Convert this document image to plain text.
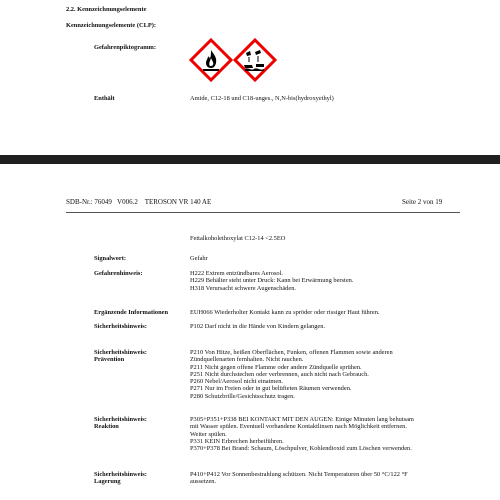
2.2. Kennzeichnungselemente
Kennzeichnungselemente (CLP):
Gefahrenpiktogramm:
Enthält	Amide, C12-18 und C18-unges., N,N-bis(hydroxyethyl)
SDB-Nr.: 76049   V006.2    TEROSON VR 140 AE	Seite 2 von 19
Fettalkoholethoxylat C12-14 <2.5EO
Signalwort:	Gefahr
Gefahrenhinweis:	H222 Extrem entzündbares Aerosol.
H229 Behälter steht unter Druck: Kann bei Erwärmung bersten.
H318 Verursacht schwere Augenschäden.
Ergänzende Informationen	EUH066 Wiederholter Kontakt kann zu spröder oder rissiger Haut führen.
Sicherheitshinweis:	P102 Darf nicht in die Hände von Kindern gelangen.
Sicherheitshinweis:
Prävention
P210 Von Hitze, heißen Oberflächen, Funken, offenen Flammen sowie anderen
Zündquellenarten fernhalten. Nicht rauchen.
P211 Nicht gegen offene Flamme oder andere Zündquelle sprühen.
P251 Nicht durchstechen oder verbrennen, auch nicht nach Gebrauch.
P260 Nebel/Aerosol nicht einatmen.
P271 Nur im Freien oder in gut belüfteten Räumen verwenden.
P280 Schutzbrille/Gesichtsschutz tragen.
Sicherheitshinweis:
Reaktion
P305+P351+P338 BEI KONTAKT MIT DEN AUGEN: Einige Minuten lang behutsam
mit Wasser spülen. Eventuell vorhandene Kontaktlinsen nach Möglichkeit entfernen.
Weiter spülen.
P331 KEIN Erbrechen herbeiführen.
P370+P378 Bei Brand: Schaum, Löschpulver, Kohlendioxid zum Löschen verwenden.
Sicherheitshinweis:
Lagerung
P410+P412 Vor Sonnenbestrahlung schützen. Nicht Temperaturen über 50 °C/122 °F
aussetzen.
